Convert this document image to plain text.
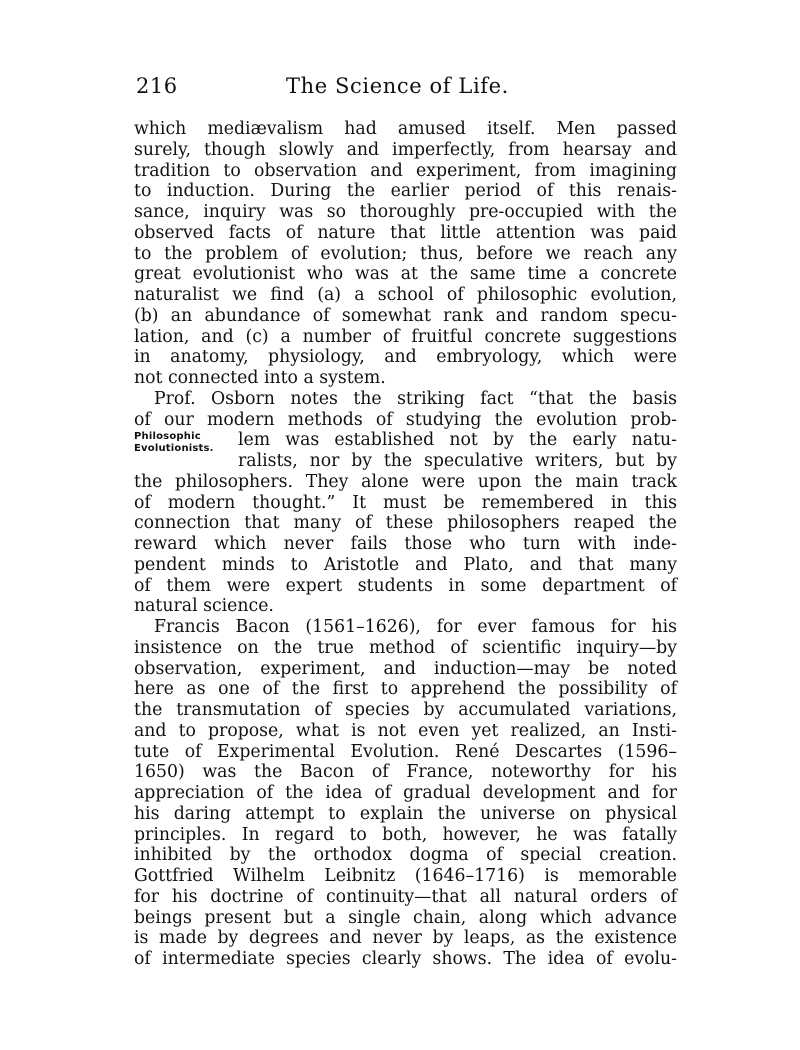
216	The Science of Life.
Philosophic
Evolutionists.
which mediævalism had amused itself. Men passed
surely, though slowly and imperfectly, from hearsay and
tradition to observation and experiment, from imagining
to induction. During the earlier period of this renais-
sance, inquiry was so thoroughly pre-occupied with the
observed facts of nature that little attention was paid
to the problem of evolution; thus, before we reach any
great evolutionist who was at the same time a concrete
naturalist we find (a) a school of philosophic evolution,
(b) an abundance of somewhat rank and random specu-
lation, and (c) a number of fruitful concrete suggestions
in anatomy, physiology, and embryology, which were
not connected into a system.
Prof. Osborn notes the striking fact “that the basis
of our modern methods of studying the evolution prob-
lem was established not by the early natu-
ralists, nor by the speculative writers, but by
the philosophers. They alone were upon the main track
of modern thought.” It must be remembered in this
connection that many of these philosophers reaped the
reward which never fails those who turn with inde-
pendent minds to Aristotle and Plato, and that many
of them were expert students in some department of
natural science.
Francis Bacon (1561–1626), for ever famous for his
insistence on the true method of scientific inquiry—by
observation, experiment, and induction—may be noted
here as one of the first to apprehend the possibility of
the transmutation of species by accumulated variations,
and to propose, what is not even yet realized, an Insti-
tute of Experimental Evolution. René Descartes (1596–
1650) was the Bacon of France, noteworthy for his
appreciation of the idea of gradual development and for
his daring attempt to explain the universe on physical
principles. In regard to both, however, he was fatally
inhibited by the orthodox dogma of special creation.
Gottfried Wilhelm Leibnitz (1646–1716) is memorable
for his doctrine of continuity—that all natural orders of
beings present but a single chain, along which advance
is made by degrees and never by leaps, as the existence
of intermediate species clearly shows. The idea of evolu-
